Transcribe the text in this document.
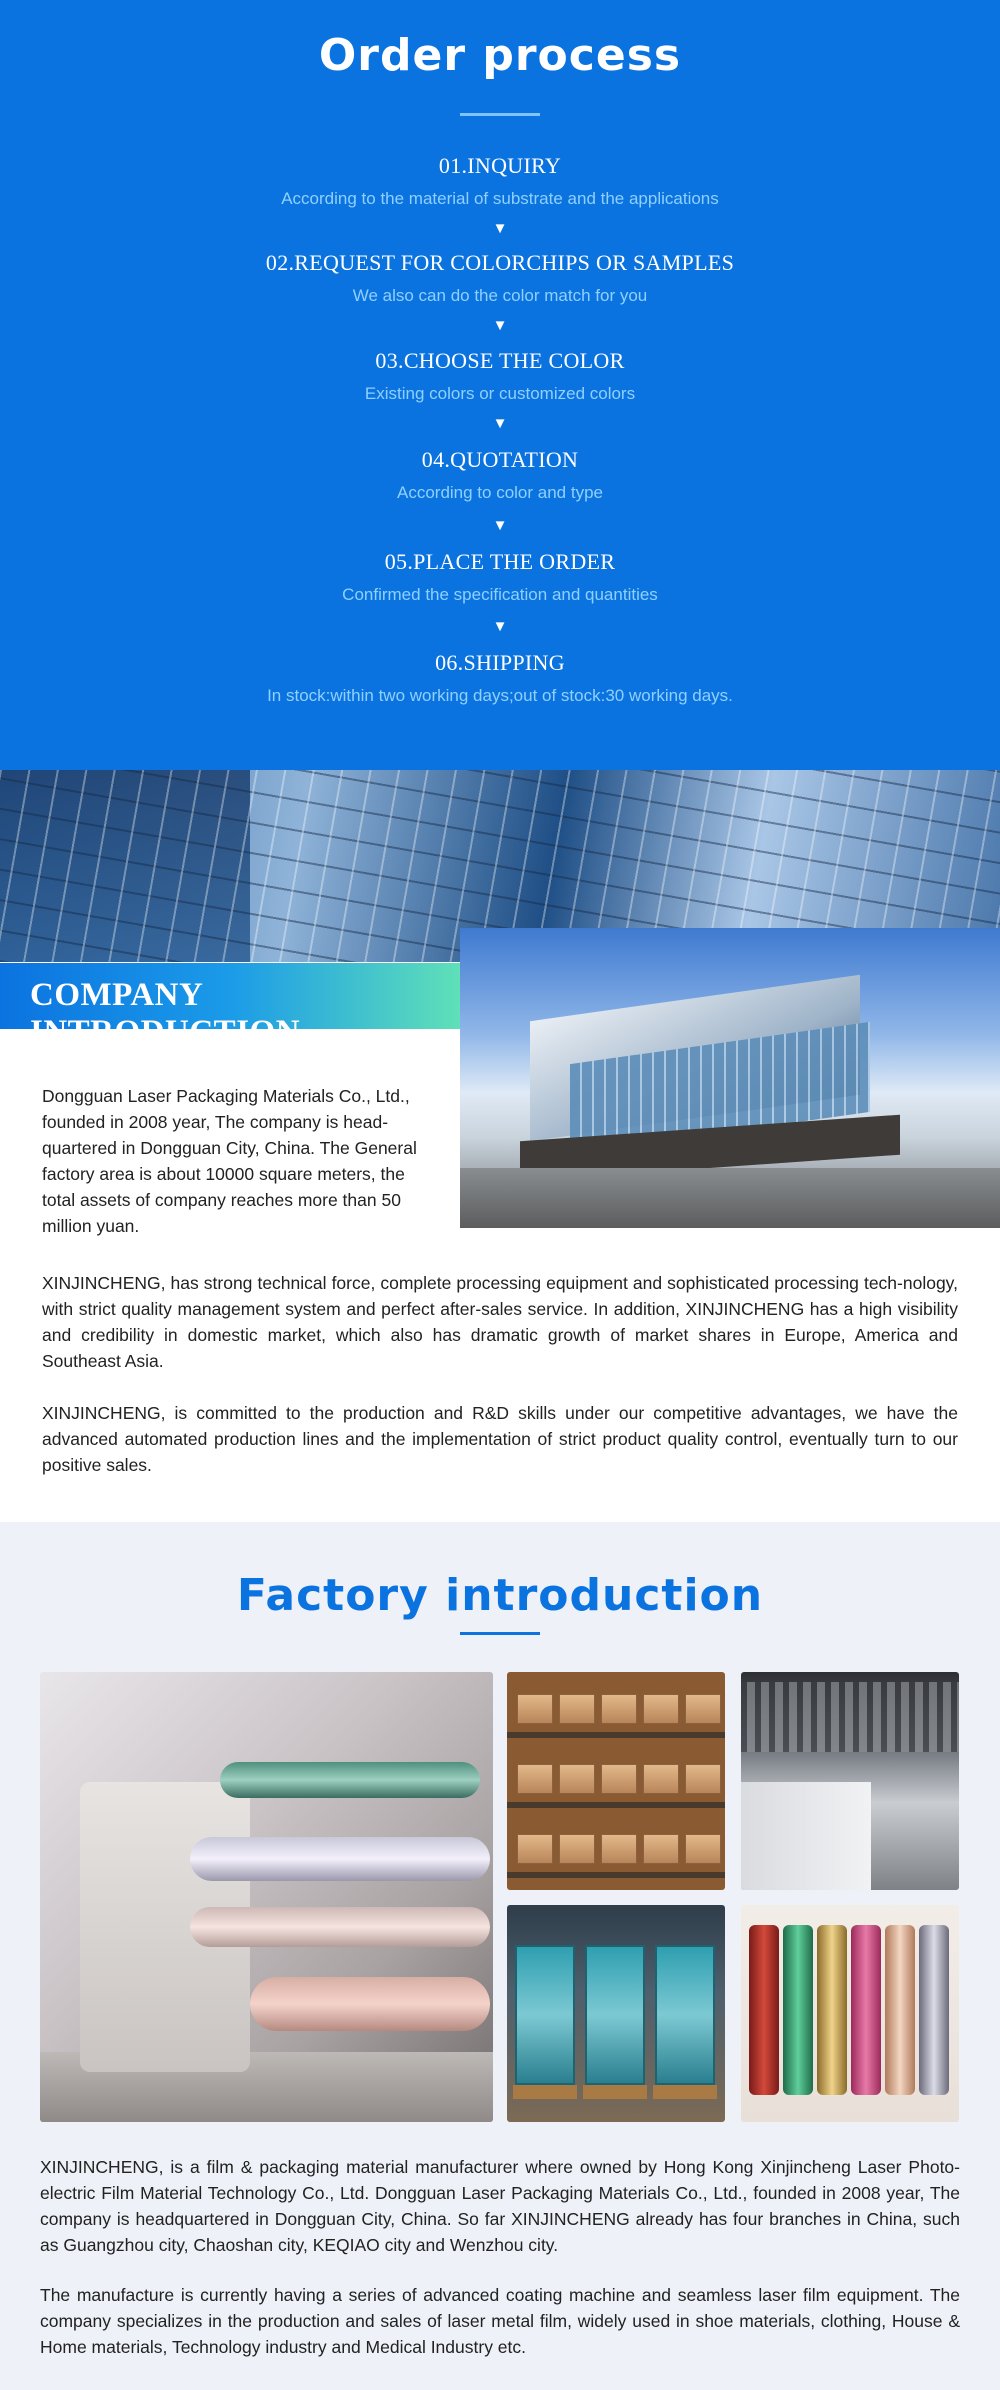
Order process
01.INQUIRY
According to the material of substrate and the applications
▼
02.REQUEST FOR COLORCHIPS OR SAMPLES
We also can do the color match for you
▼
03.CHOOSE THE COLOR
Existing colors or customized colors
▼
04.QUOTATION
According to color and type
▼
05.PLACE THE ORDER
Confirmed the specification and quantities
▼
06.SHIPPING
In stock:within two working days;out of stock:30 working days.
COMPANY INTRODUCTION

Dongguan Laser Packaging Materials Co., Ltd., founded in 2008 year, The company is head-quartered in Dongguan City, China. The General factory area is about 10000 square meters, the total assets of company reaches more than 50 million yuan.

XINJINCHENG, has strong technical force, complete processing equipment and sophisticated processing tech-nology, with strict quality management system and perfect after-sales service. In addition, XINJINCHENG has a high visibility and credibility in domestic market, which also has dramatic growth of market shares in Europe, America and Southeast Asia.

XINJINCHENG, is committed to the production and R&D skills under our competitive advantages, we have the advanced automated production lines and the implementation of strict product quality control, eventually turn to our positive sales.

Factory introduction

XINJINCHENG, is a film & packaging material manufacturer where owned by Hong Kong Xinjincheng Laser Photo-electric Film Material Technology Co., Ltd. Dongguan Laser Packaging Materials Co., Ltd., founded in 2008 year, The company is headquartered in Dongguan City, China. So far XINJINCHENG already has four branches in China, such as Guangzhou city, Chaoshan city, KEQIAO city and Wenzhou city.

The manufacture is currently having a series of advanced coating machine and seamless laser film equipment. The company specializes in the production and sales of laser metal film, widely used in shoe materials, clothing, House & Home materials, Technology industry and Medical Industry etc.
